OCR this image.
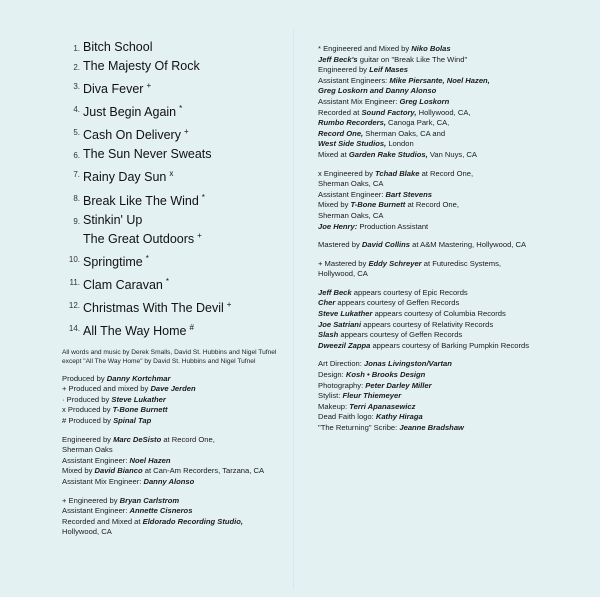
1. Bitch School
2. The Majesty Of Rock
3. Diva Fever +
4. Just Begin Again *
5. Cash On Delivery +
6. The Sun Never Sweats
7. Rainy Day Sun $^x$
8. Break Like The Wind *
9. Stinkin' Up
The Great Outdoors +
10. Springtime *
11. Clam Caravan *
12. Christmas With The Devil +
14. All The Way Home #
All words and music by Derek Smalls, David St. Hubbins and Nigel Tufnel except "All The Way Home" by David St. Hubbins and Nigel Tufnel
Produced by Danny Kortchmar
+ Produced and mixed by Dave Jerden
· Produced by Steve Lukather
x Produced by T-Bone Burnett
# Produced by Spinal Tap
Engineered by Marc DeSisto at Record One,
Sherman Oaks
Assistant Engineer: Noel Hazen
Mixed by David Bianco at Can-Am Recorders, Tarzana, CA
Assistant Mix Engineer: Danny Alonso
+ Engineered by Bryan Carlstrom
Assistant Engineer: Annette Cisneros
Recorded and Mixed at Eldorado Recording Studio,
Hollywood, CA
* Engineered and Mixed by Niko Bolas
Jeff Beck's guitar on "Break Like The Wind"
Engineered by Leif Mases
Assistant Engineers: Mike Piersante, Noel Hazen,
Greg Loskorn and Danny Alonso
Assistant Mix Engineer: Greg Loskorn
Recorded at Sound Factory, Hollywood, CA,
Rumbo Recorders, Canoga Park, CA,
Record One, Sherman Oaks, CA and
West Side Studios, London
Mixed at Garden Rake Studios, Van Nuys, CA
x Engineered by Tchad Blake at Record One,
Sherman Oaks, CA
Assistant Engineer: Bart Stevens
Mixed by T-Bone Burnett at Record One,
Sherman Oaks, CA
Joe Henry: Production Assistant
Mastered by David Collins at A&M Mastering, Hollywood, CA
+ Mastered by Eddy Schreyer at Futuredisc Systems,
Hollywood, CA
Jeff Beck appears courtesy of Epic Records
Cher appears courtesy of Geffen Records
Steve Lukather appears courtesy of Columbia Records
Joe Satriani appears courtesy of Relativity Records
Slash appears courtesy of Geffen Records
Dweezil Zappa appears courtesy of Barking Pumpkin Records
Art Direction: Jonas Livingston/Vartan
Design: Kosh • Brooks Design
Photography: Peter Darley Miller
Stylist: Fleur Thiemeyer
Makeup: Terri Apanasewicz
Dead Faith logo: Kathy Hiraga
"The Returning" Scribe: Jeanne Bradshaw
